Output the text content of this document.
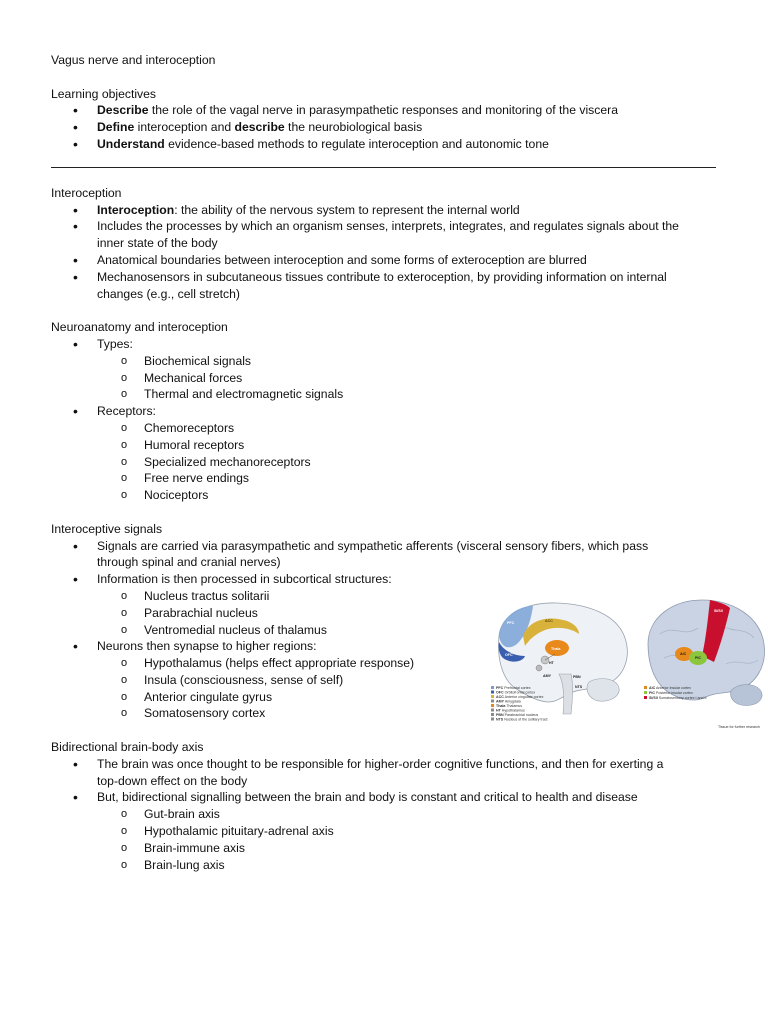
Vagus nerve and interoception
Learning objectives
• Describe the role of the vagal nerve in parasympathetic responses and monitoring of the viscera
• Define interoception and describe the neurobiological basis
• Understand evidence-based methods to regulate interoception and autonomic tone
Interoception
• Interoception: the ability of the nervous system to represent the internal world
• Includes the processes by which an organism senses, interprets, integrates, and regulates signals about the
inner state of the body
• Anatomical boundaries between interoception and some forms of exteroception are blurred
• Mechanosensors in subcutaneous tissues contribute to exteroception, by providing information on internal
changes (e.g., cell stretch)
Neuroanatomy and interoception
• Types:
o Biochemical signals
o Mechanical forces
o Thermal and electromagnetic signals
• Receptors:
o Chemoreceptors
o Humoral receptors
o Specialized mechanoreceptors
o Free nerve endings
o Nociceptors
Interoceptive signals
• Signals are carried via parasympathetic and sympathetic afferents (visceral sensory fibers, which pass
through spinal and cranial nerves)
• Information is then processed in subcortical structures:
o Nucleus tractus solitarii
o Parabrachial nucleus
o Ventromedial nucleus of thalamus
• Neurons then synapse to higher regions:
o Hypothalamus (helps effect appropriate response)
o Insula (consciousness, sense of self)
o Anterior cingulate gyrus
o Somatosensory cortex
Bidirectional brain-body axis
• The brain was once thought to be responsible for higher-order cognitive functions, and then for exerting a
top-down effect on the body
• But, bidirectional signalling between the brain and body is constant and critical to health and disease
o Gut-brain axis
o Hypothalamic pituitary-adrenal axis
o Brain-immune axis
o Brain-lung axis
PFC	ACC
OFC
Thala
HT
AMY	PBN
NTS
PFC Prefrontal cortex
OFC Orbitofrontal cortex
ACC Anterior cingulate cortex
AMY Amygdala
Thala Thalamus
HT Hypothalamus
PBN Parabrachial nucleus
NTS Nucleus of the solitary tract
SI/SII
AIC
PIC
AIC Anterior insular cortex
PIC Posterior insular cortex
SI/SII Somatosensory cortex I and II
Tissue for further research
